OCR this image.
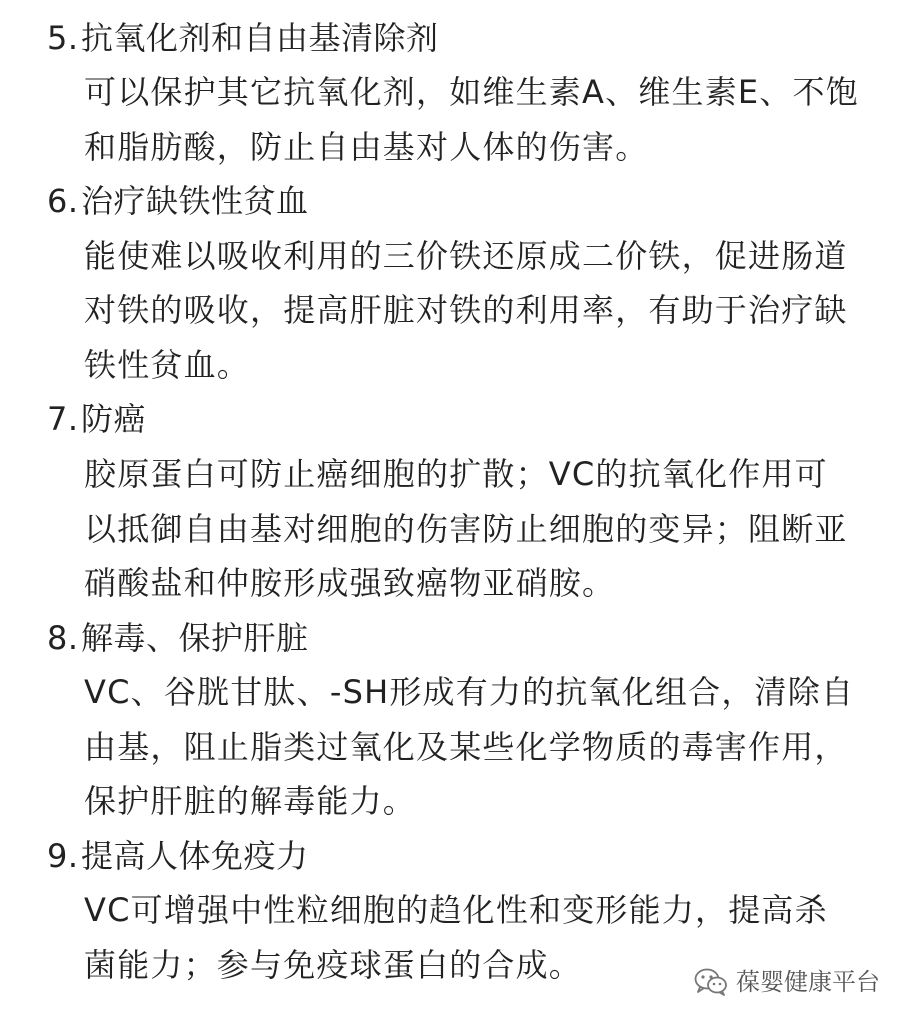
5.抗氧化剂和自由基清除剂
可以保护其它抗氧化剂，如维生素A、维生素E、不饱
和脂肪酸，防止自由基对人体的伤害。
6.治疗缺铁性贫血
能使难以吸收利用的三价铁还原成二价铁，促进肠道
对铁的吸收，提高肝脏对铁的利用率，有助于治疗缺
铁性贫血。
7.防癌
胶原蛋白可防止癌细胞的扩散；VC的抗氧化作用可
以抵御自由基对细胞的伤害防止细胞的变异；阻断亚
硝酸盐和仲胺形成强致癌物亚硝胺。
8.解毒、保护肝脏
VC、谷胱甘肽、-SH形成有力的抗氧化组合，清除自
由基，阻止脂类过氧化及某些化学物质的毒害作用，
保护肝脏的解毒能力。
9.提高人体免疫力
VC可增强中性粒细胞的趋化性和变形能力，提高杀
菌能力；参与免疫球蛋白的合成。	葆婴健康平台
